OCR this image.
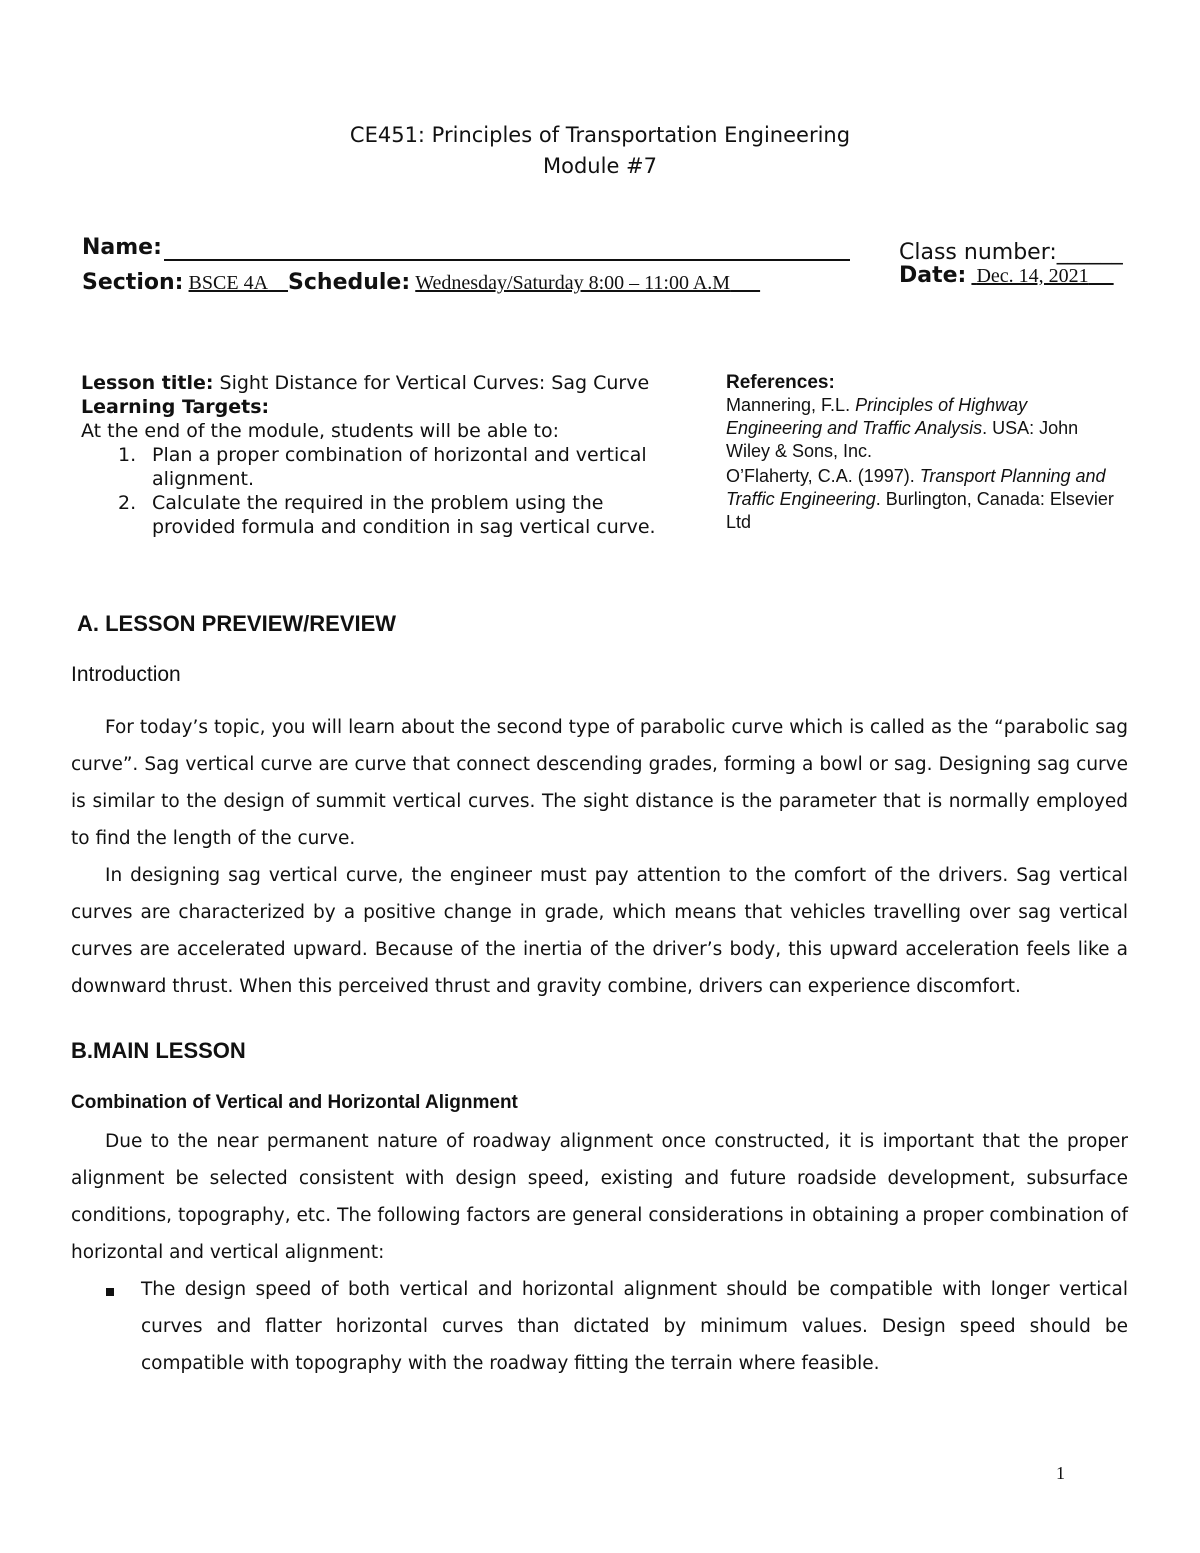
CE451: Principles of Transportation Engineering
Module #7
Name:
Section: BSCE 4A Schedule: Wednesday/Saturday 8:00 – 11:00 A.M
Class number:______
Date: Dec. 14, 2021
Lesson title: Sight Distance for Vertical Curves: Sag Curve
Learning Targets:
At the end of the module, students will be able to:
1. Plan a proper combination of horizontal and vertical alignment.
2. Calculate the required in the problem using the provided formula and condition in sag vertical curve.
References:
Mannering, F.L. Principles of Highway Engineering and Traffic Analysis. USA: John Wiley & Sons, Inc.
O’Flaherty, C.A. (1997). Transport Planning and Traffic Engineering. Burlington, Canada: Elsevier Ltd
A. LESSON PREVIEW/REVIEW
Introduction

For today’s topic, you will learn about the second type of parabolic curve which is called as the “parabolic sag curve”. Sag vertical curve are curve that connect descending grades, forming a bowl or sag. Designing sag curve is similar to the design of summit vertical curves. The sight distance is the parameter that is normally employed to find the length of the curve.

In designing sag vertical curve, the engineer must pay attention to the comfort of the drivers. Sag vertical curves are characterized by a positive change in grade, which means that vehicles travelling over sag vertical curves are accelerated upward. Because of the inertia of the driver’s body, this upward acceleration feels like a downward thrust. When this perceived thrust and gravity combine, drivers can experience discomfort.

B.MAIN LESSON
Combination of Vertical and Horizontal Alignment

Due to the near permanent nature of roadway alignment once constructed, it is important that the proper alignment be selected consistent with design speed, existing and future roadside development, subsurface conditions, topography, etc. The following factors are general considerations in obtaining a proper combination of horizontal and vertical alignment:

The design speed of both vertical and horizontal alignment should be compatible with longer vertical curves and flatter horizontal curves than dictated by minimum values. Design speed should be compatible with topography with the roadway fitting the terrain where feasible.
1
